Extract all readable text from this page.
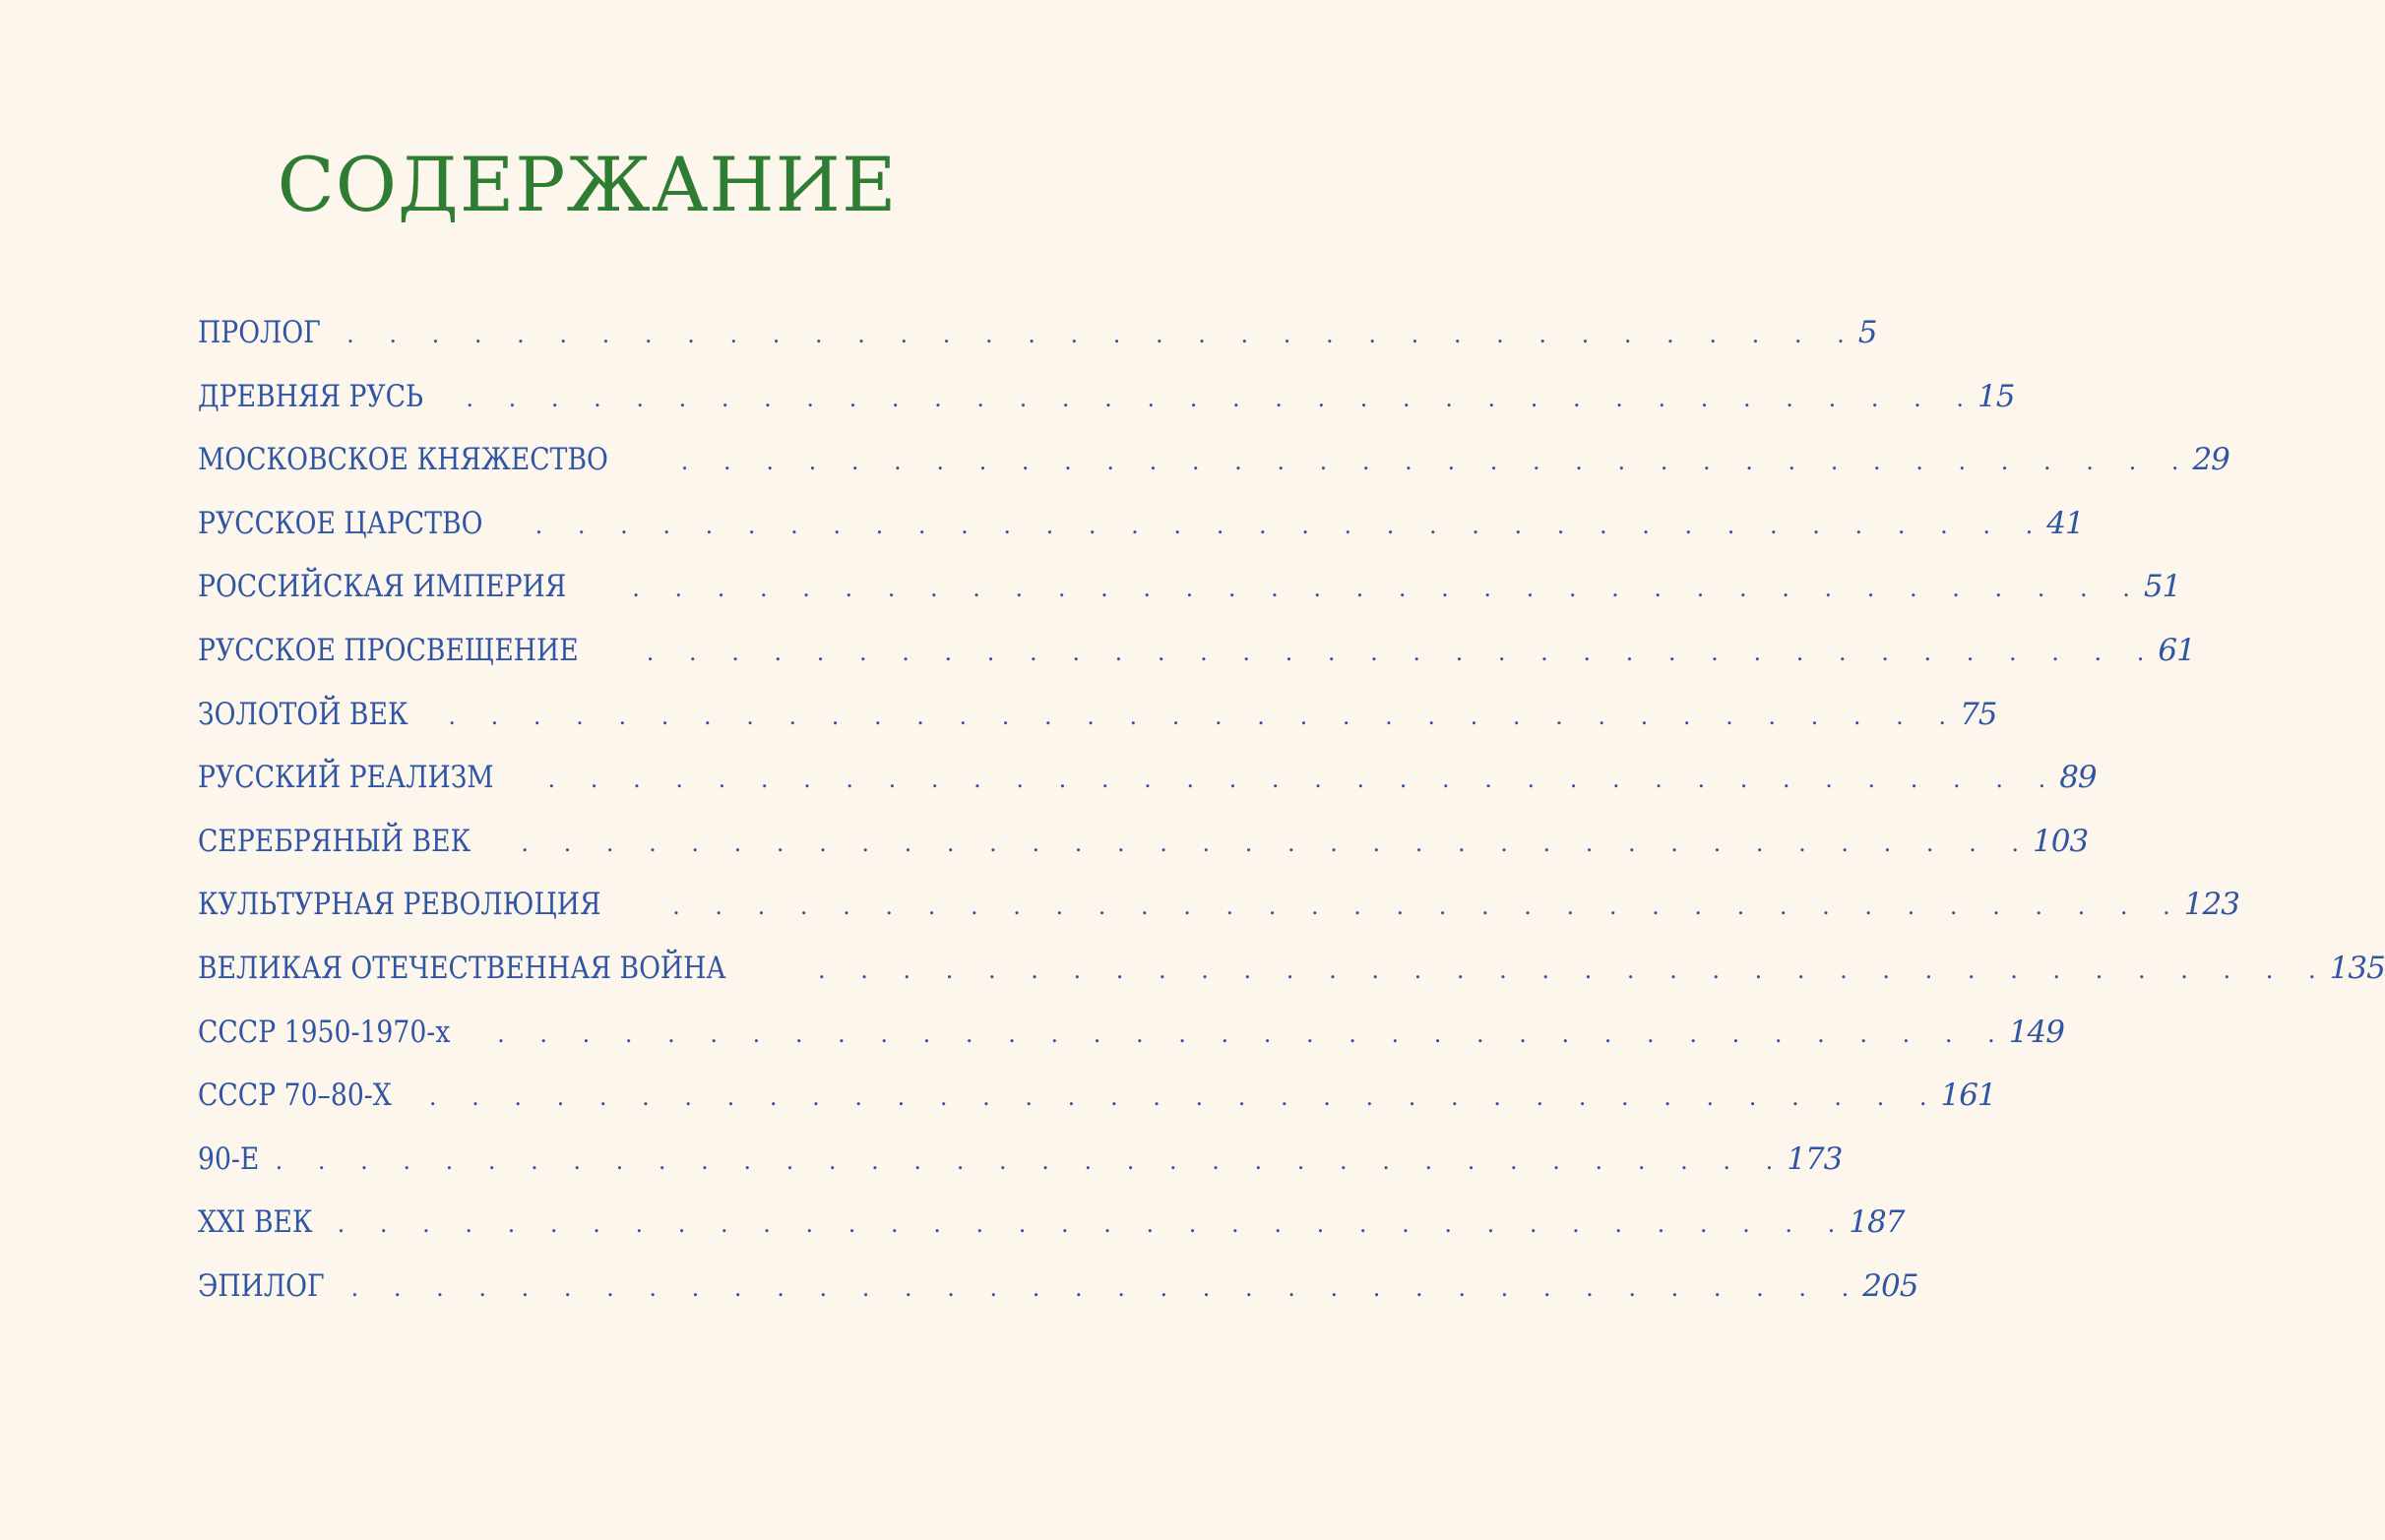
СОДЕРЖАНИЕ
ПРОЛОГ	. . . . . . . . . . . . . . . . . . . . . . . . . . . . . . . . . . . . 5
ДРЕВНЯЯ РУСЬ	. . . . . . . . . . . . . . . . . . . . . . . . . . . . . . . . . . . . 15
МОСКОВСКОЕ КНЯЖЕСТВО	. . . . . . . . . . . . . . . . . . . . . . . . . . . . . . . . . . . . 29
РУССКОЕ ЦАРСТВО	. . . . . . . . . . . . . . . . . . . . . . . . . . . . . . . . . . . . 41
РОССИЙСКАЯ ИМПЕРИЯ	. . . . . . . . . . . . . . . . . . . . . . . . . . . . . . . . . . . . 51
РУССКОЕ ПРОСВЕЩЕНИЕ	. . . . . . . . . . . . . . . . . . . . . . . . . . . . . . . . . . . . 61
ЗОЛОТОЙ ВЕК	. . . . . . . . . . . . . . . . . . . . . . . . . . . . . . . . . . . . 75
РУССКИЙ РЕАЛИЗМ	. . . . . . . . . . . . . . . . . . . . . . . . . . . . . . . . . . . . 89
СЕРЕБРЯНЫЙ ВЕК	. . . . . . . . . . . . . . . . . . . . . . . . . . . . . . . . . . . . 103
КУЛЬТУРНАЯ РЕВОЛЮЦИЯ	. . . . . . . . . . . . . . . . . . . . . . . . . . . . . . . . . . . . 123
ВЕЛИКАЯ ОТЕЧЕСТВЕННАЯ ВОЙНА	. . . . . . . . . . . . . . . . . . . . . . . . . . . . . . . . . . . . 135
СССР 1950-1970-х	. . . . . . . . . . . . . . . . . . . . . . . . . . . . . . . . . . . . 149
СССР 70–80-Х	. . . . . . . . . . . . . . . . . . . . . . . . . . . . . . . . . . . . 161
90-Е . . . . . . . . . . . . . . . . . . . . . . . . . . . . . . . . . . . . 173
XXI ВЕК	. . . . . . . . . . . . . . . . . . . . . . . . . . . . . . . . . . . . 187
ЭПИЛОГ	. . . . . . . . . . . . . . . . . . . . . . . . . . . . . . . . . . . . 205
